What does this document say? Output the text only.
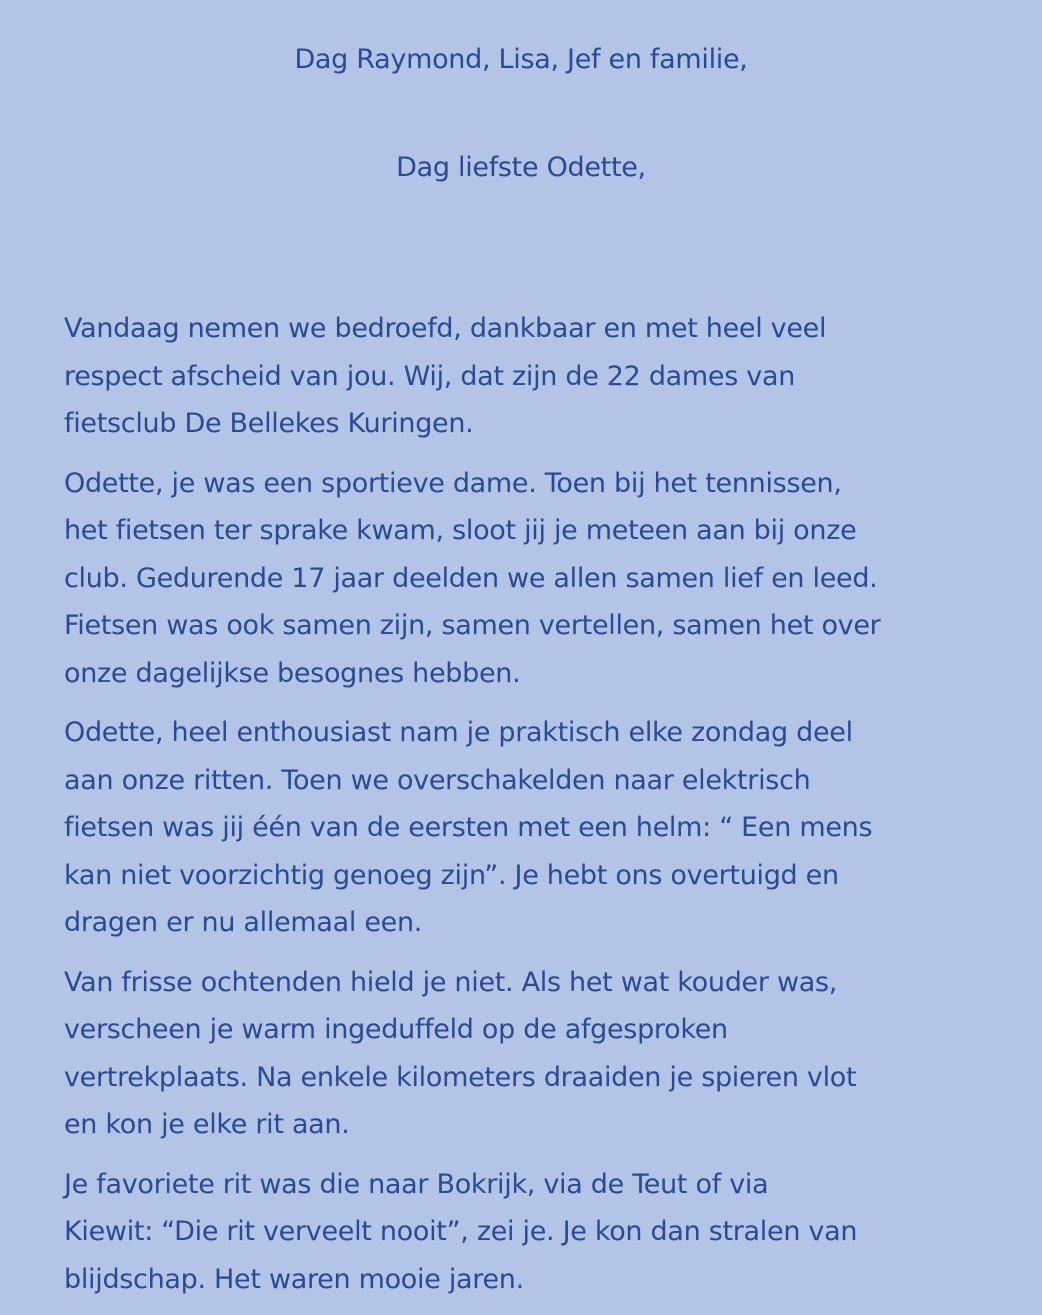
Dag Raymond, Lisa, Jef en familie,

Dag liefste Odette,

Vandaag nemen we bedroefd, dankbaar en met heel veel
respect afscheid van jou. Wij, dat zijn de 22 dames van
fietsclub De Bellekes Kuringen.

Odette, je was een sportieve dame. Toen bij het tennissen,
het fietsen ter sprake kwam, sloot jij je meteen aan bij onze
club. Gedurende 17 jaar deelden we allen samen lief en leed.
Fietsen was ook samen zijn, samen vertellen, samen het over
onze dagelijkse besognes hebben.

Odette, heel enthousiast nam je praktisch elke zondag deel
aan onze ritten. Toen we overschakelden naar elektrisch
fietsen was jij één van de eersten met een helm: “ Een mens
kan niet voorzichtig genoeg zijn”. Je hebt ons overtuigd en
dragen er nu allemaal een.

Van frisse ochtenden hield je niet. Als het wat kouder was,
verscheen je warm ingeduffeld op de afgesproken
vertrekplaats. Na enkele kilometers draaiden je spieren vlot
en kon je elke rit aan.

Je favoriete rit was die naar Bokrijk, via de Teut of via
Kiewit: “Die rit verveelt nooit”, zei je. Je kon dan stralen van
blijdschap. Het waren mooie jaren.
